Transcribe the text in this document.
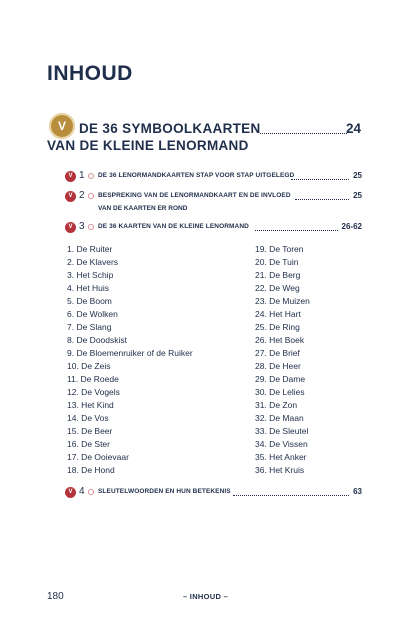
INHOUD
V DE 36 SYMBOOLKAARTEN	24
VAN DE KLEINE LENORMAND
V 1 DE 36 LENORMANDKAARTEN STAP VOOR STAP UITGELEGD	25
V 2 BESPREKING VAN DE LENORMANDKAART EN DE INVLOED	25
VAN DE KAARTEN ER ROND
V 3 DE 36 KAARTEN VAN DE KLEINE LENORMAND	26-62
1. De Ruiter
2. De Klavers
3. Het Schip
4. Het Huis
5. De Boom
6. De Wolken
7. De Slang
8. De Doodskist
9. De Bloemenruiker of de Ruiker
10. De Zeis
11. De Roede
12. De Vogels
13. Het Kind
14. De Vos
15. De Beer
16. De Ster
17. De Ooievaar
18. De Hond
19. De Toren
20. De Tuin
21. De Berg
22. De Weg
23. De Muizen
24. Het Hart
25. De Ring
26. Het Boek
27. De Brief
28. De Heer
29. De Dame
30. De Lelies
31. De Zon
32. De Maan
33. De Sleutel
34. De Vissen
35. Het Anker
36. Het Kruis
V 4 SLEUTELWOORDEN EN HUN BETEKENIS	63
180	– INHOUD –
